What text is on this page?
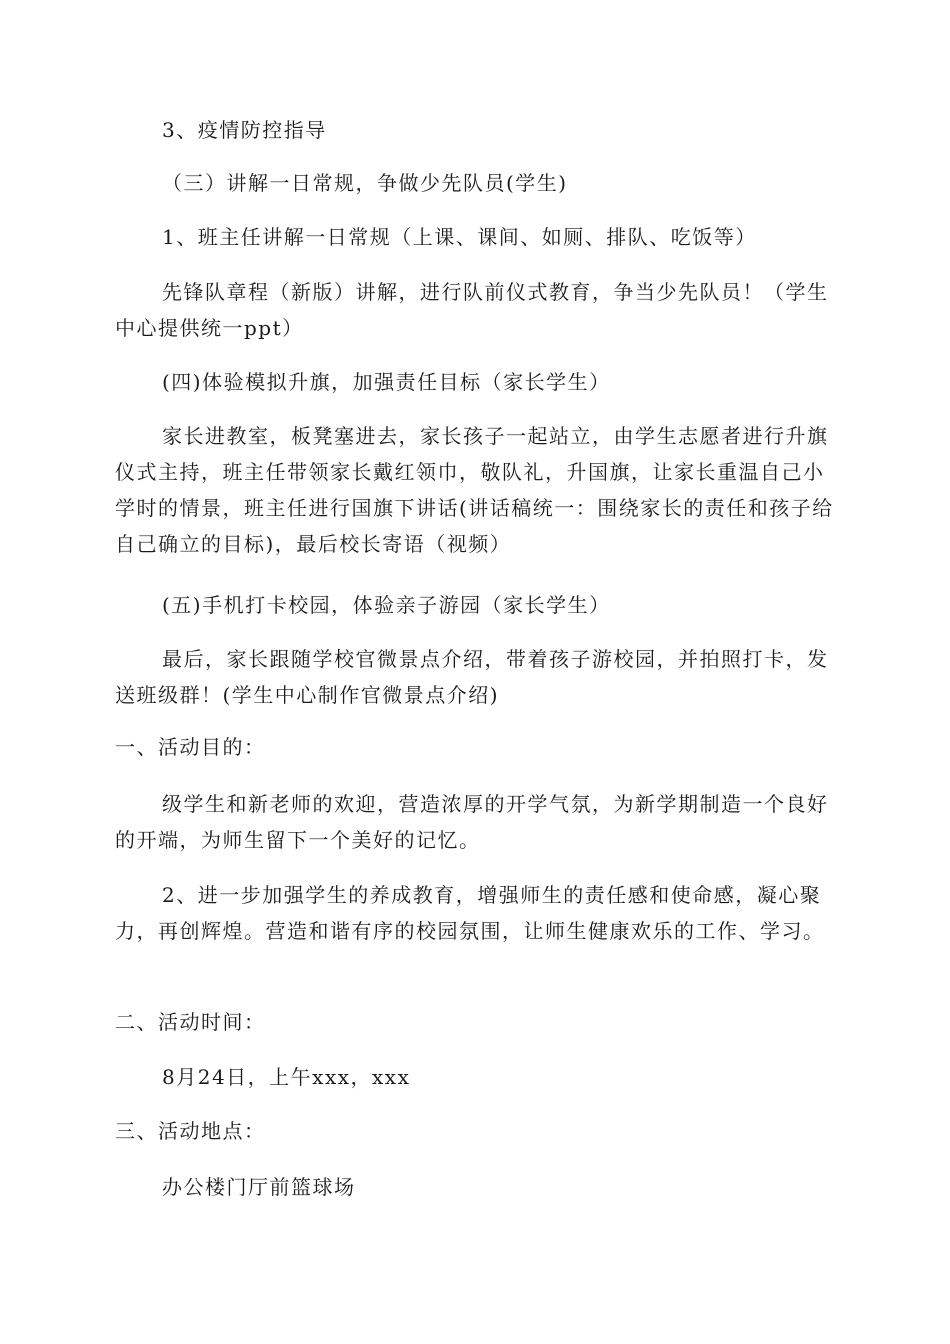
3、疫情防控指导

（三）讲解一日常规，争做少先队员(学生)

1、班主任讲解一日常规（上课、课间、如厕、排队、吃饭等）

先锋队章程（新版）讲解，进行队前仪式教育，争当少先队员！（学生中心提供统一ppt）

(四)体验模拟升旗，加强责任目标（家长学生）

家长进教室，板凳塞进去，家长孩子一起站立，由学生志愿者进行升旗仪式主持，班主任带领家长戴红领巾，敬队礼，升国旗，让家长重温自己小学时的情景，班主任进行国旗下讲话(讲话稿统一：围绕家长的责任和孩子给自己确立的目标)，最后校长寄语（视频）

(五)手机打卡校园，体验亲子游园（家长学生）

最后，家长跟随学校官微景点介绍，带着孩子游校园，并拍照打卡，发送班级群！(学生中心制作官微景点介绍)

一、活动目的：

级学生和新老师的欢迎，营造浓厚的开学气氛，为新学期制造一个良好的开端，为师生留下一个美好的记忆。

2、进一步加强学生的养成教育，增强师生的责任感和使命感，凝心聚力，再创辉煌。营造和谐有序的校园氛围，让师生健康欢乐的工作、学习。

二、活动时间：

8月24日，上午xxx，xxx

三、活动地点：

办公楼门厅前篮球场
